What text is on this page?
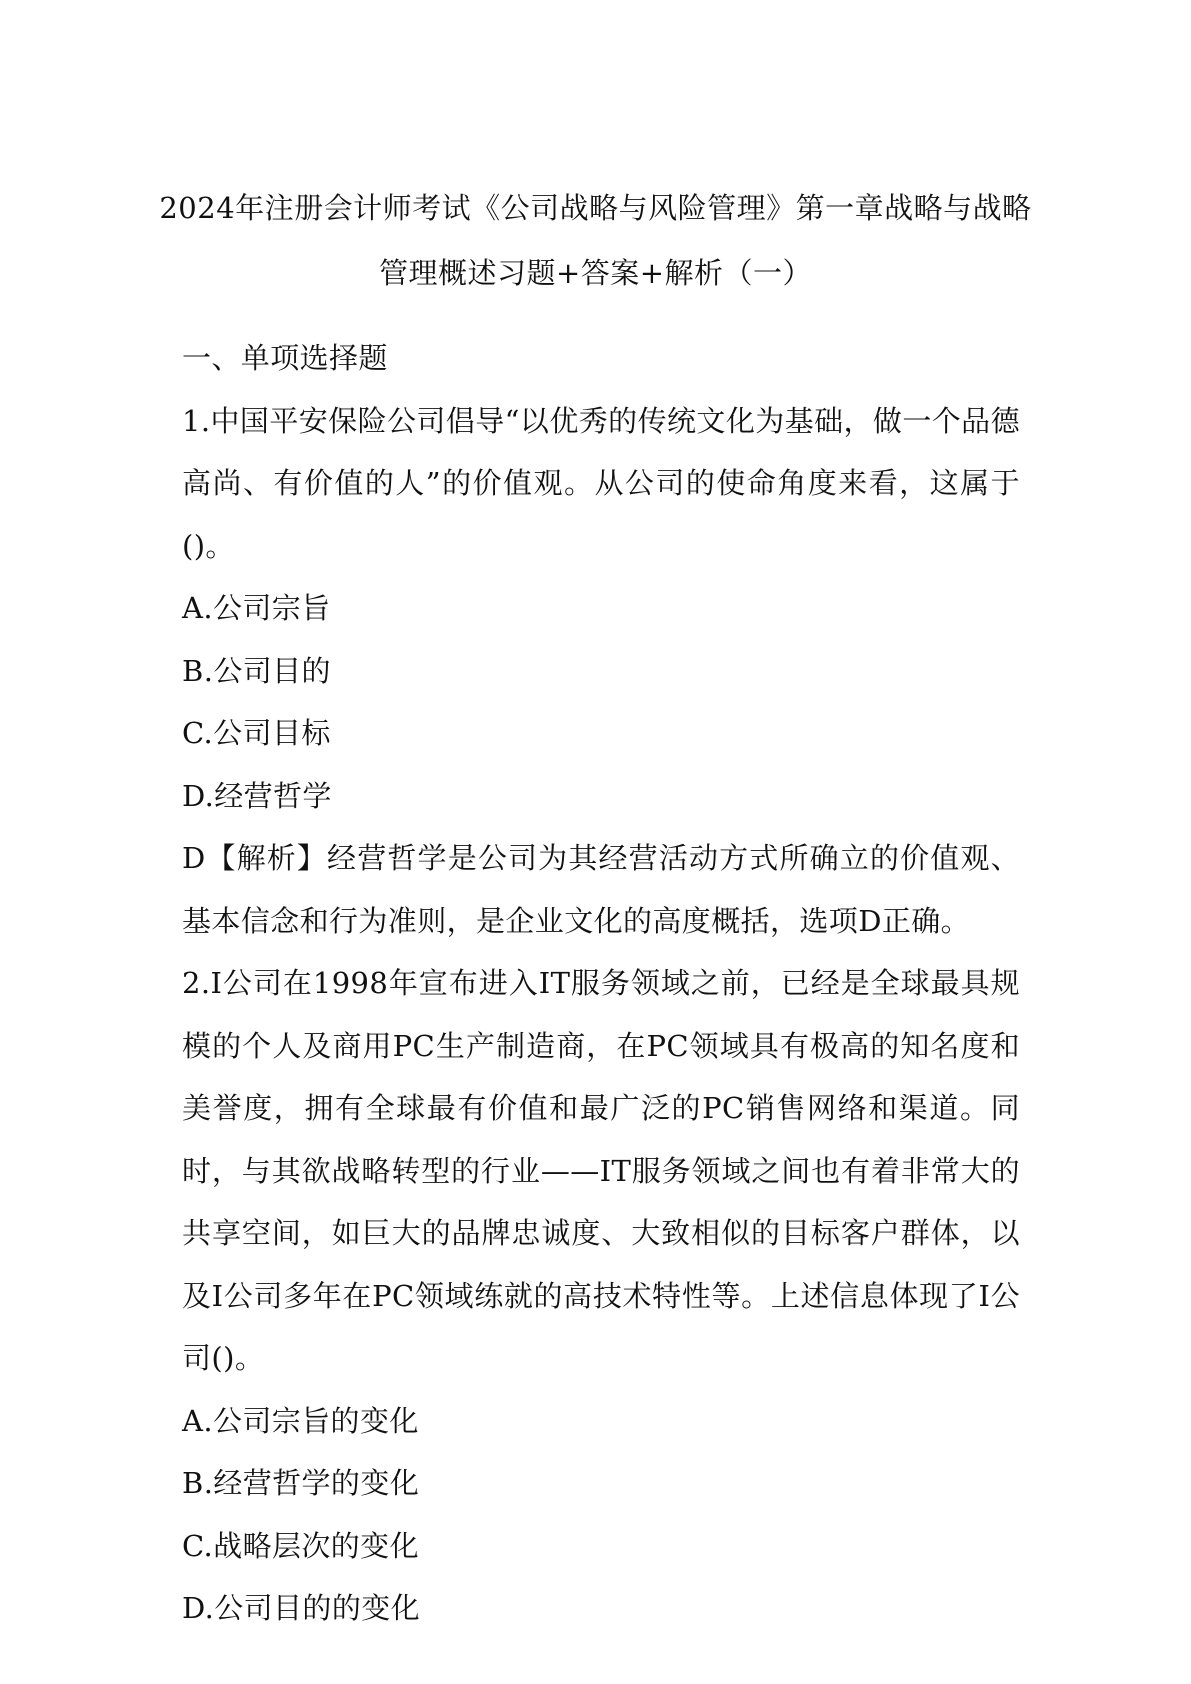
2024年注册会计师考试《公司战略与风险管理》第一章战略与战略
管理概述习题+答案+解析（一）

一、单项选择题

1.中国平安保险公司倡导“以优秀的传统文化为基础，做一个品德高尚、有价值的人”的价值观。从公司的使命角度来看，这属于()。

A.公司宗旨

B.公司目的

C.公司目标

D.经营哲学

D【解析】经营哲学是公司为其经营活动方式所确立的价值观、基本信念和行为准则，是企业文化的高度概括，选项D正确。

2.I公司在1998年宣布进入IT服务领域之前，已经是全球最具规模的个人及商用PC生产制造商，在PC领域具有极高的知名度和美誉度，拥有全球最有价值和最广泛的PC销售网络和渠道。同时，与其欲战略转型的行业——IT服务领域之间也有着非常大的共享空间，如巨大的品牌忠诚度、大致相似的目标客户群体，以及I公司多年在PC领域练就的高技术特性等。上述信息体现了I公司()。

A.公司宗旨的变化

B.经营哲学的变化

C.战略层次的变化

D.公司目的的变化
